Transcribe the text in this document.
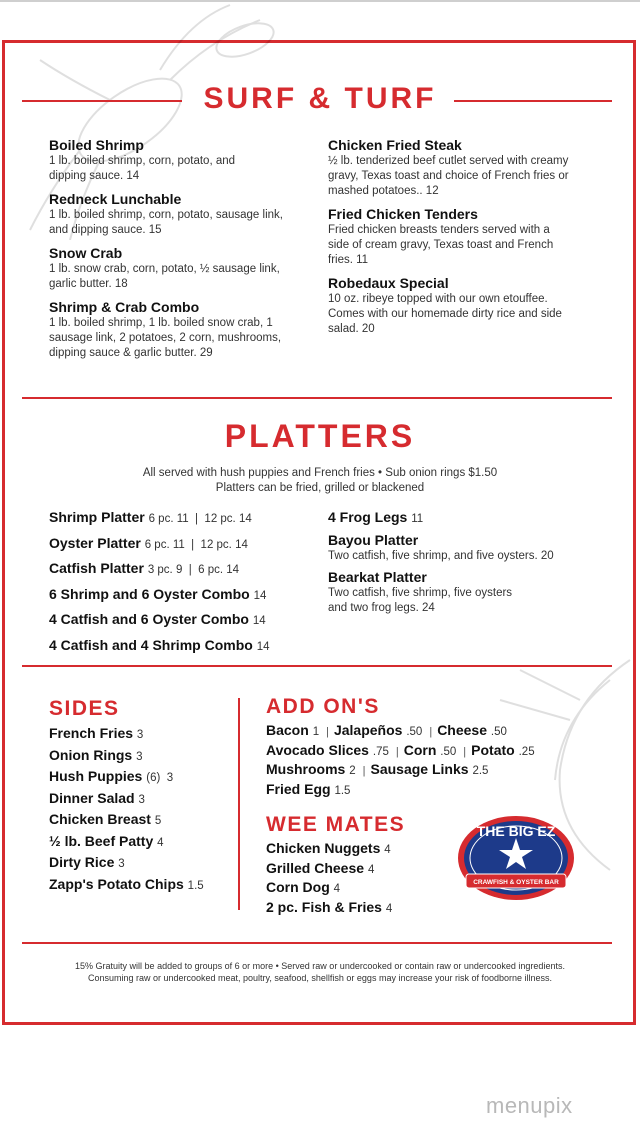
SURF & TURF
Boiled Shrimp
1 lb. boiled shrimp, corn, potato, and dipping sauce. 14
Redneck Lunchable
1 lb. boiled shrimp, corn, potato, sausage link, and dipping sauce. 15
Snow Crab
1 lb. snow crab, corn, potato, ½ sausage link, garlic butter. 18
Shrimp & Crab Combo
1 lb. boiled shrimp, 1 lb. boiled snow crab, 1 sausage link, 2 potatoes, 2 corn, mushrooms, dipping sauce & garlic butter. 29
Chicken Fried Steak
½ lb. tenderized beef cutlet served with creamy gravy, Texas toast and choice of French fries or mashed potatoes.. 12
Fried Chicken Tenders
Fried chicken breasts tenders served with a side of cream gravy, Texas toast and French fries. 11
Robedaux Special
10 oz. ribeye topped with our own etouffee. Comes with our homemade dirty rice and side salad. 20
PLATTERS
All served with hush puppies and French fries • Sub onion rings $1.50
Platters can be fried, grilled or blackened
Shrimp Platter 6 pc. 11  |  12 pc. 14
Oyster Platter 6 pc. 11  |  12 pc. 14
Catfish Platter 3 pc. 9  |  6 pc. 14
6 Shrimp and 6 Oyster Combo 14
4 Catfish and 6 Oyster Combo 14
4 Catfish and 4 Shrimp Combo 14
4 Frog Legs 11
Bayou Platter
Two catfish, five shrimp, and five oysters. 20
Bearkat Platter
Two catfish, five shrimp, five oysters and two frog legs. 24
SIDES
French Fries 3
Onion Rings 3
Hush Puppies (6)  3
Dinner Salad 3
Chicken Breast 5
½ lb. Beef Patty 4
Dirty Rice 3
Zapp's Potato Chips 1.5
ADD ON'S
Bacon 1 | Jalapeños .50 | Cheese .50
Avocado Slices .75 | Corn .50 | Potato .25
Mushrooms 2 | Sausage Links 2.5
Fried Egg 1.5
WEE MATES
Chicken Nuggets 4
Grilled Cheese 4
Corn Dog 4
2 pc. Fish & Fries 4
THE BIG EZ
CRAWFISH & OYSTER BAR
15% Gratuity will be added to groups of 6 or more • Served raw or undercooked or contain raw or undercooked ingredients.
Consuming raw or undercooked meat, poultry, seafood, shellfish or eggs may increase your risk of foodborne illness.
menupix
